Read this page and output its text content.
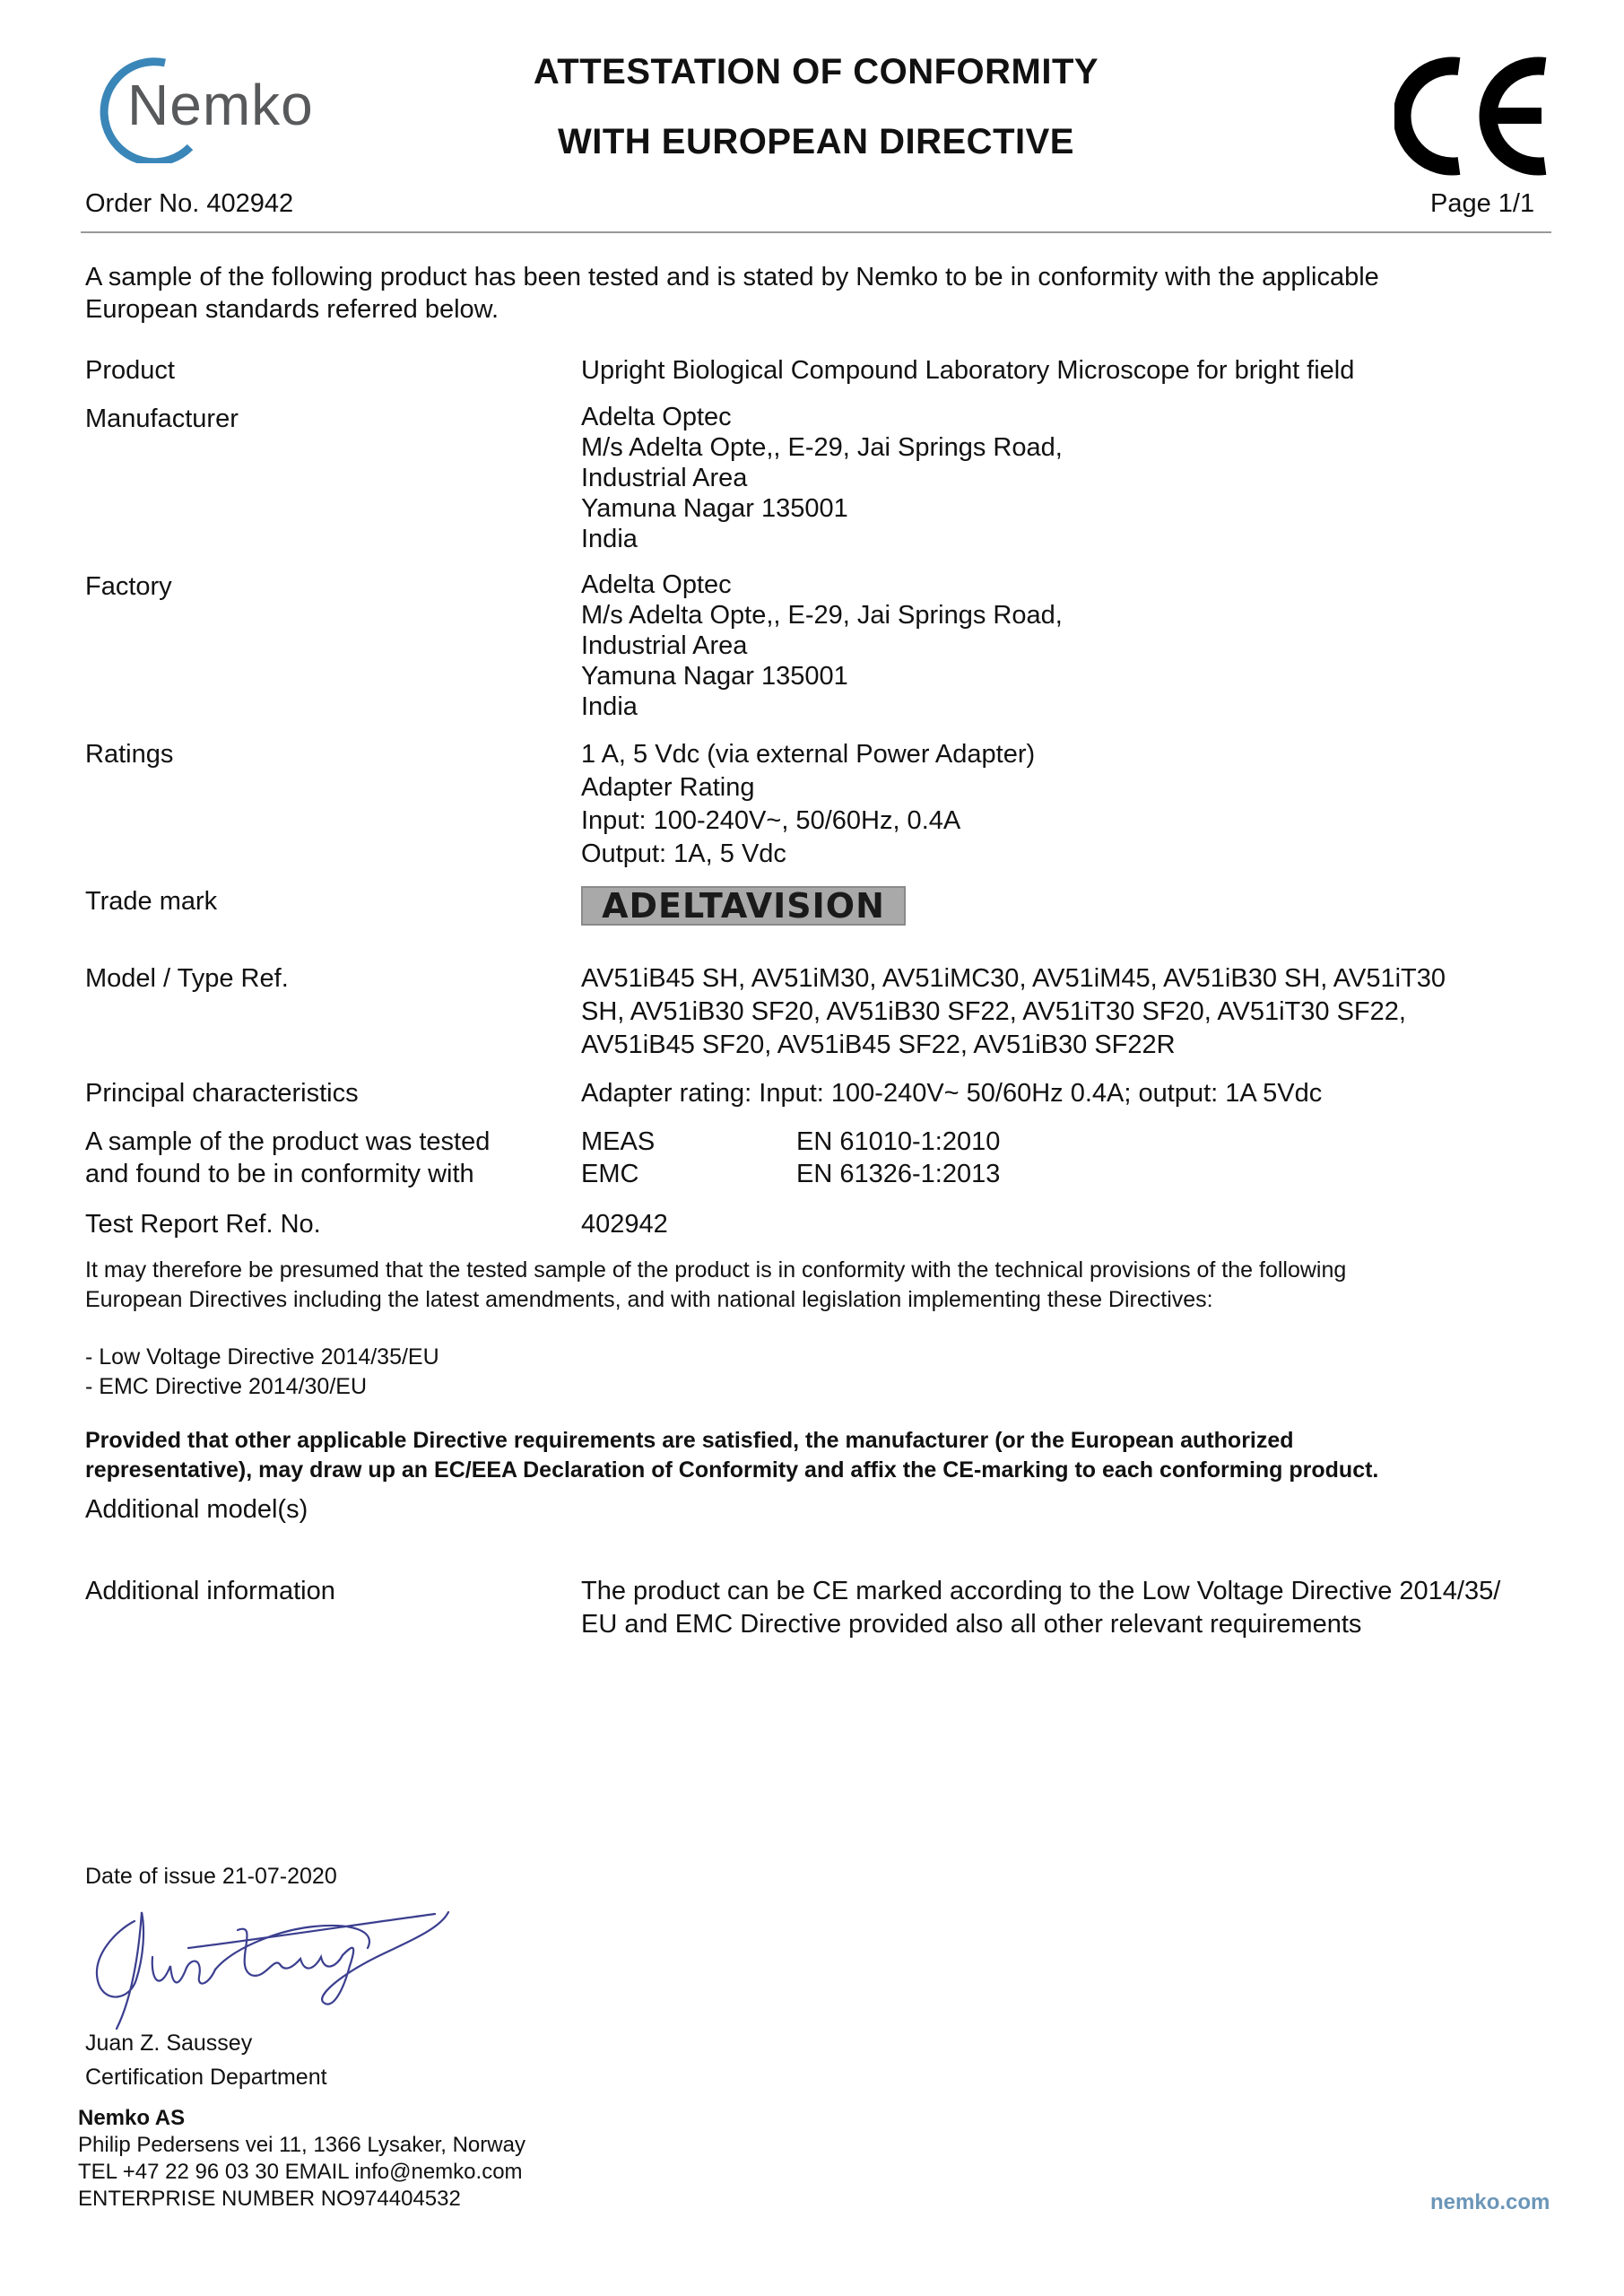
Nemko
ATTESTATION OF CONFORMITY
WITH EUROPEAN DIRECTIVE
Order No. 402942	Page 1/1
A sample of the following product has been tested and is stated by Nemko to be in conformity with the applicable
European standards referred below.
Product	Upright Biological Compound Laboratory Microscope for bright field
Manufacturer	Adelta Optec
M/s Adelta Opte,, E-29, Jai Springs Road,
Industrial Area
Yamuna Nagar 135001
India
Factory	Adelta Optec
M/s Adelta Opte,, E-29, Jai Springs Road,
Industrial Area
Yamuna Nagar 135001
India
Ratings	1 A, 5 Vdc (via external Power Adapter)
Adapter Rating
Input: 100-240V~, 50/60Hz, 0.4A
Output: 1A, 5 Vdc
Trade mark	ADELTAVISION
Model / Type Ref.	AV51iB45 SH, AV51iM30, AV51iMC30, AV51iM45, AV51iB30 SH, AV51iT30
SH, AV51iB30 SF20, AV51iB30 SF22, AV51iT30 SF20, AV51iT30 SF22,
AV51iB45 SF20, AV51iB45 SF22, AV51iB30 SF22R
Principal characteristics	Adapter rating: Input: 100-240V~ 50/60Hz 0.4A; output: 1A 5Vdc
A sample of the product was tested
and found to be in conformity with
MEAS	EN 61010-1:2010
EMC	EN 61326-1:2013
Test Report Ref. No.	402942
It may therefore be presumed that the tested sample of the product is in conformity with the technical provisions of the following
European Directives including the latest amendments, and with national legislation implementing these Directives:
- Low Voltage Directive 2014/35/EU
- EMC Directive 2014/30/EU
Provided that other applicable Directive requirements are satisfied, the manufacturer (or the European authorized
representative), may draw up an EC/EEA Declaration of Conformity and affix the CE-marking to each conforming product.
Additional model(s)
Additional information	The product can be CE marked according to the Low Voltage Directive 2014/35/
EU and EMC Directive provided also all other relevant requirements
Date of issue 21-07-2020
Juan Z. Saussey
Certification Department
Nemko AS
Philip Pedersens vei 11, 1366 Lysaker, Norway
TEL +47 22 96 03 30 EMAIL info@nemko.com
ENTERPRISE NUMBER NO974404532	nemko.com
